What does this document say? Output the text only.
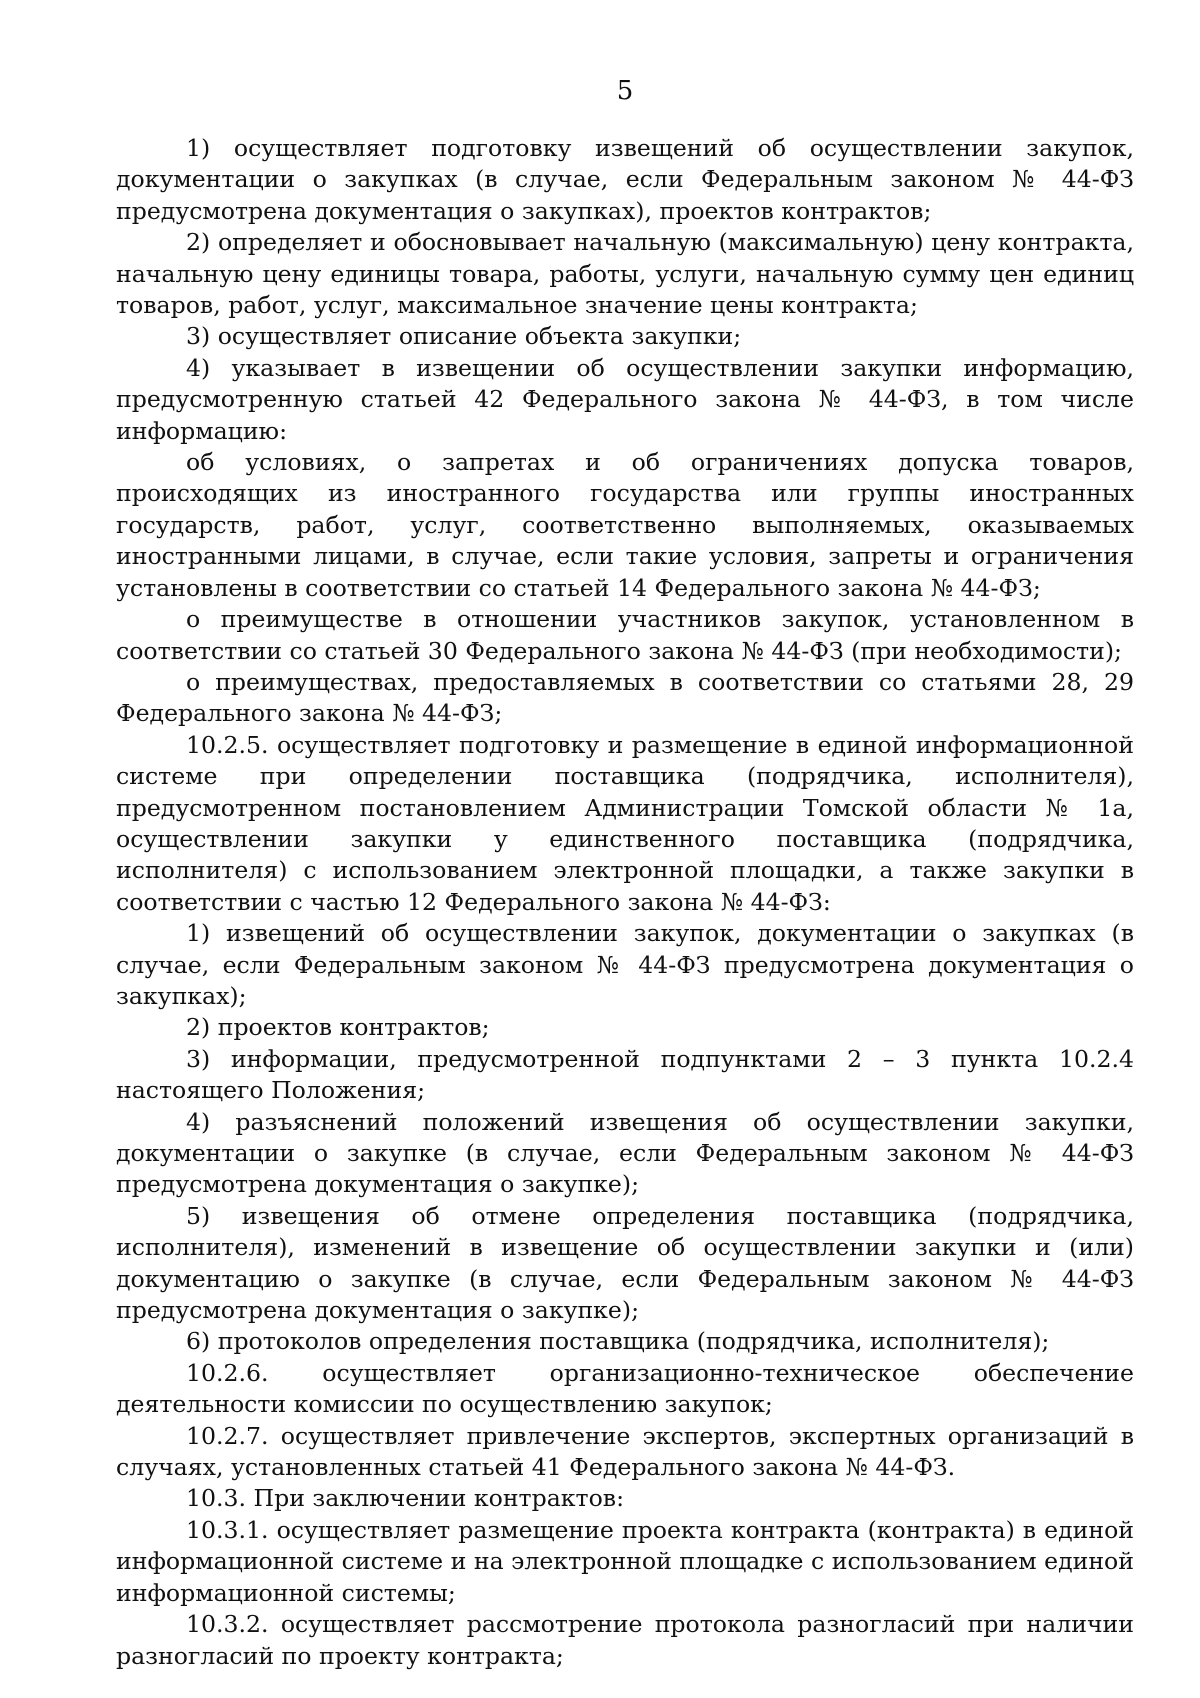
5

1) осуществляет подготовку извещений об осуществлении закупок, документации о закупках (в случае, если Федеральным законом № 44-ФЗ предусмотрена документация о закупках), проектов контрактов;

2) определяет и обосновывает начальную (максимальную) цену контракта, начальную цену единицы товара, работы, услуги, начальную сумму цен единиц товаров, работ, услуг, максимальное значение цены контракта;

3) осуществляет описание объекта закупки;

4) указывает в извещении об осуществлении закупки информацию, предусмотренную статьей 42 Федерального закона № 44-ФЗ, в том числе информацию:

об условиях, о запретах и об ограничениях допуска товаров, происходящих из иностранного государства или группы иностранных государств, работ, услуг, соответственно выполняемых, оказываемых иностранными лицами, в случае, если такие условия, запреты и ограничения установлены в соответствии со статьей 14 Федерального закона № 44-ФЗ;

о преимуществе в отношении участников закупок, установленном в соответствии со статьей 30 Федерального закона № 44-ФЗ (при необходимости);

о преимуществах, предоставляемых в соответствии со статьями 28, 29 Федерального закона № 44-ФЗ;

10.2.5. осуществляет подготовку и размещение в единой информационной системе при определении поставщика (подрядчика, исполнителя), предусмотренном постановлением Администрации Томской области № 1а, осуществлении закупки у единственного поставщика (подрядчика, исполнителя) с использованием электронной площадки, а также закупки в соответствии с частью 12 Федерального закона № 44-ФЗ:

1) извещений об осуществлении закупок, документации о закупках (в случае, если Федеральным законом № 44-ФЗ предусмотрена документация о закупках);

2) проектов контрактов;

3) информации, предусмотренной подпунктами 2 – 3 пункта 10.2.4 настоящего Положения;

4) разъяснений положений извещения об осуществлении закупки, документации о закупке (в случае, если Федеральным законом № 44-ФЗ предусмотрена документация о закупке);

5) извещения об отмене определения поставщика (подрядчика, исполнителя), изменений в извещение об осуществлении закупки и (или) документацию о закупке (в случае, если Федеральным законом № 44-ФЗ предусмотрена документация о закупке);

6) протоколов определения поставщика (подрядчика, исполнителя);

10.2.6. осуществляет организационно-техническое обеспечение деятельности комиссии по осуществлению закупок;

10.2.7. осуществляет привлечение экспертов, экспертных организаций в случаях, установленных статьей 41 Федерального закона № 44-ФЗ.

10.3. При заключении контрактов:

10.3.1. осуществляет размещение проекта контракта (контракта) в единой информационной системе и на электронной площадке с использованием единой информационной системы;

10.3.2. осуществляет рассмотрение протокола разногласий при наличии разногласий по проекту контракта;
